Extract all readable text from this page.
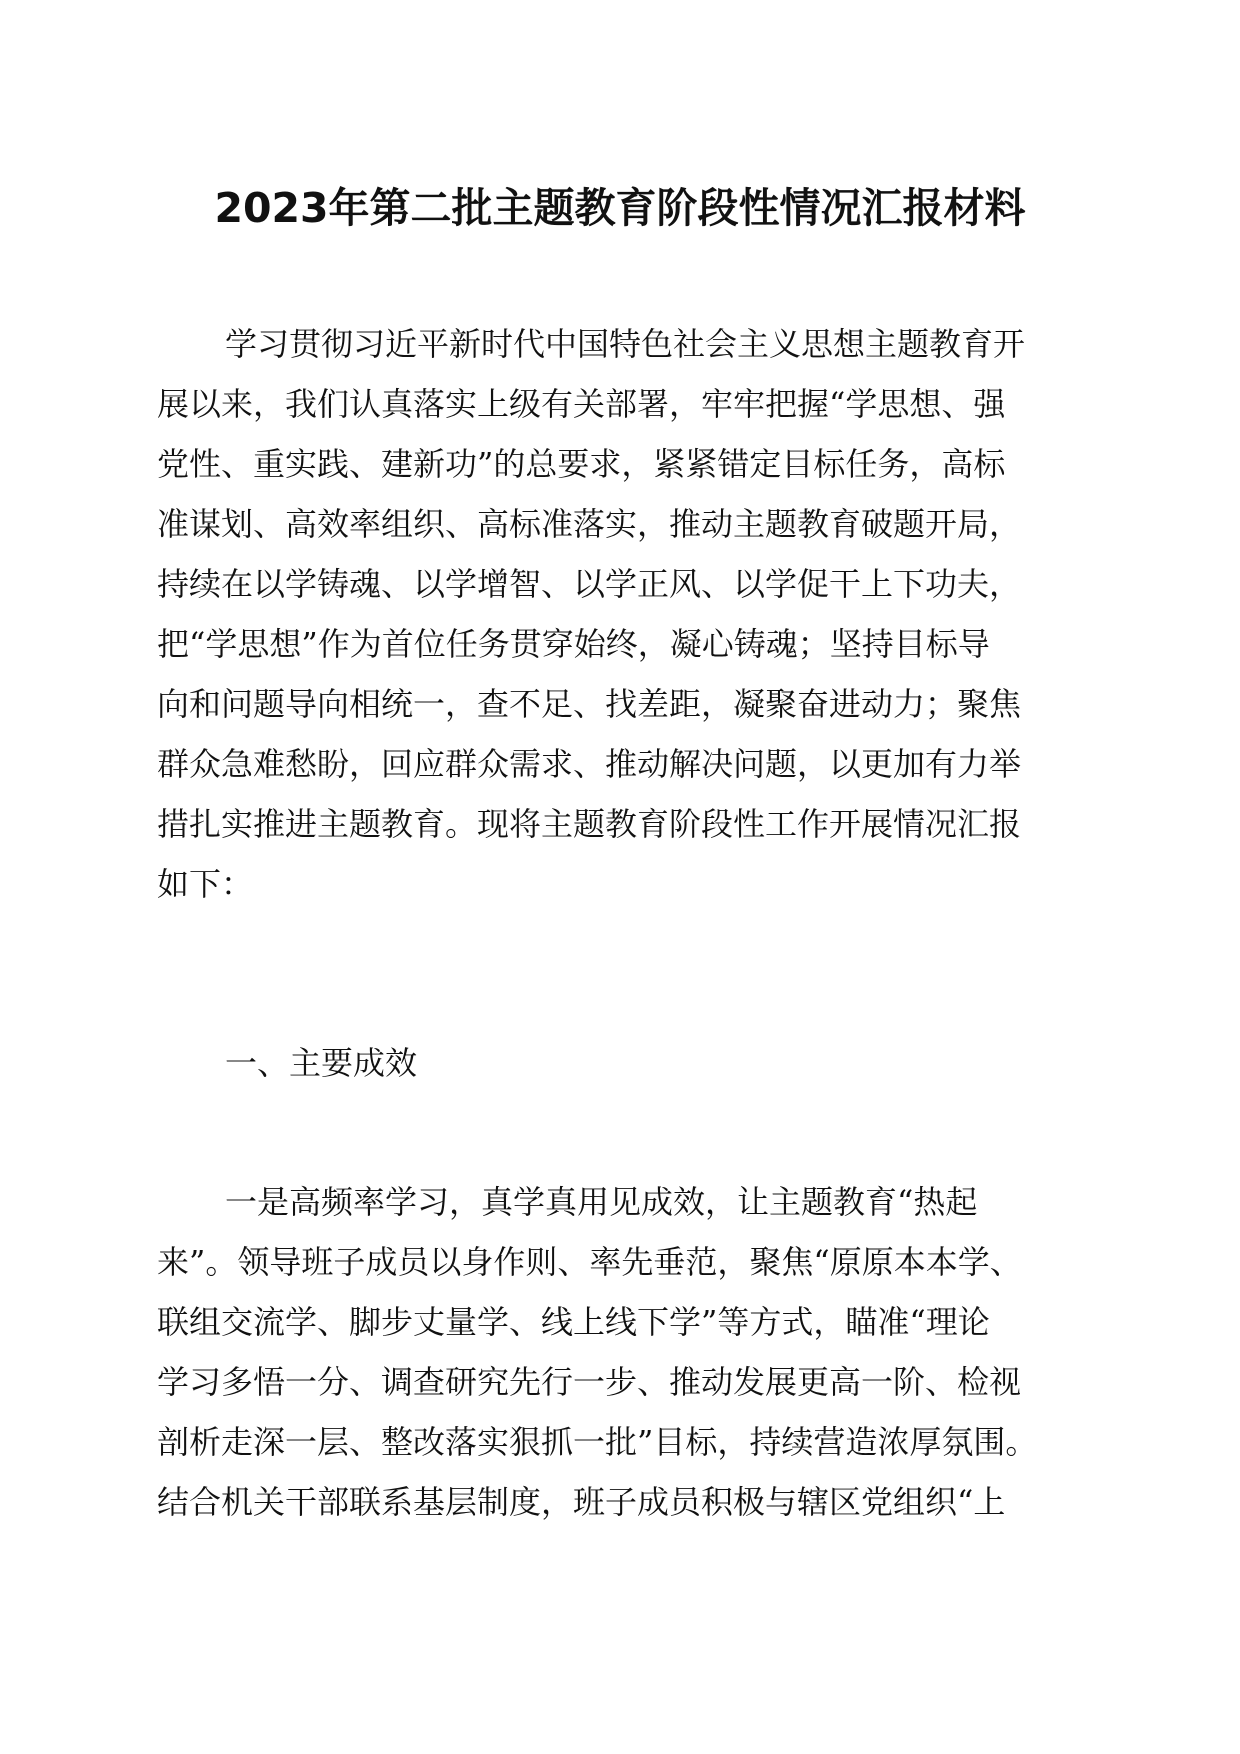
2023年第二批主题教育阶段性情况汇报材料
学习贯彻习近平新时代中国特色社会主义思想主题教育开
展以来，我们认真落实上级有关部署，牢牢把握“学思想、强
党性、重实践、建新功”的总要求，紧紧错定目标任务，高标
准谋划、高效率组织、高标准落实，推动主题教育破题开局，
持续在以学铸魂、以学增智、以学正风、以学促干上下功夫，
把“学思想”作为首位任务贯穿始终，凝心铸魂；坚持目标导
向和问题导向相统一，查不足、找差距，凝聚奋进动力；聚焦
群众急难愁盼，回应群众需求、推动解决问题，以更加有力举
措扎实推进主题教育。现将主题教育阶段性工作开展情况汇报
如下：
一、主要成效
一是高频率学习，真学真用见成效，让主题教育“热起
来”。领导班子成员以身作则、率先垂范，聚焦“原原本本学、
联组交流学、脚步丈量学、线上线下学”等方式，瞄准“理论
学习多悟一分、调查研究先行一步、推动发展更高一阶、检视
剖析走深一层、整改落实狠抓一批”目标，持续营造浓厚氛围。
结合机关干部联系基层制度，班子成员积极与辖区党组织“上
